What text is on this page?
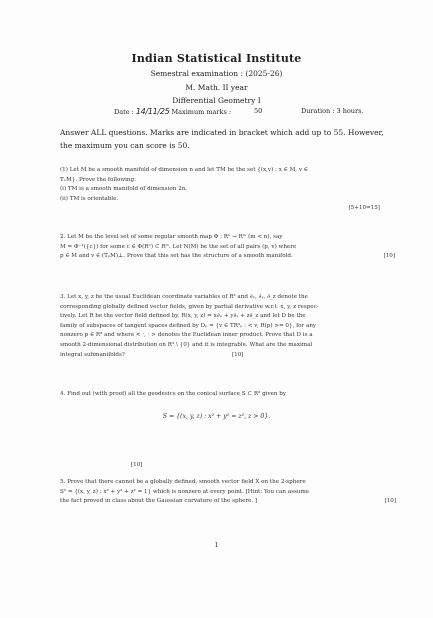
Indian Statistical Institute
Semestral examination : (2025-26)
M. Math. II year
Differential Geometry I
Date : 14/11/25 Maximum marks :	50	Duration : 3 hours.
Answer ALL questions. Marks are indicated in bracket which add up to 55. However, the maximum you can score is 50.

(1) Let M be a smooth manifold of dimension n and let TM be the set {(x,v) : x ∈ M, v ∈

TₓM}. Prove the following:

(i) TM is a smooth manifold of dimension 2n.

(ii) TM is orientable.

[5+10=15]

2. Let M be the level set of some regular smooth map Φ : Rⁿ → Rᵐ (m < n), say

M = Φ⁻¹({c}) for some c ∈ Φ(Rⁿ) ⊂ Rᵐ. Let N(M) be the set of all pairs (p, v) where

p ∈ M and v ∈ (TₚM)⊥. Prove that this set has the structure of a smooth manifold.	[10]

3. Let x, y, z be the usual Euclidean coordinate variables of R³ and ∂ₓ, ∂ᵧ, ∂_z denote the

corresponding globally defined vector fields, given by partial derivative w.r.t. x, y, z respec-

tively. Let R be the vector field defined by, R(x, y, z) = x∂ₓ + y∂ᵧ + z∂_z and let D be the

family of subspaces of tangent spaces defined by Dₚ = {v ∈ TR³ₚ : < v, R(p) >= 0}, for any

nonzero p ∈ R³ and where < ·, · > denotes the Euclidean inner product. Prove that D is a

smooth 2-dimensional distribution on R³ \ {0} and it is integrable. What are the maximal

integral submanifolds?	[10]

4. Find out (with proof) all the geodesics on the conical surface S ⊂ R³ given by

S = {(x, y, z) : x² + y² = z², z > 0}.
[10]

5. Prove that there cannot be a globally defined, smooth vector field X on the 2-sphere

S² = {(x, y, z) : x² + y² + z² = 1} which is nonzero at every point. [Hint: You can assume

the fact proved in class about the Gaussian curvature of the sphere. ]	[10]
1
